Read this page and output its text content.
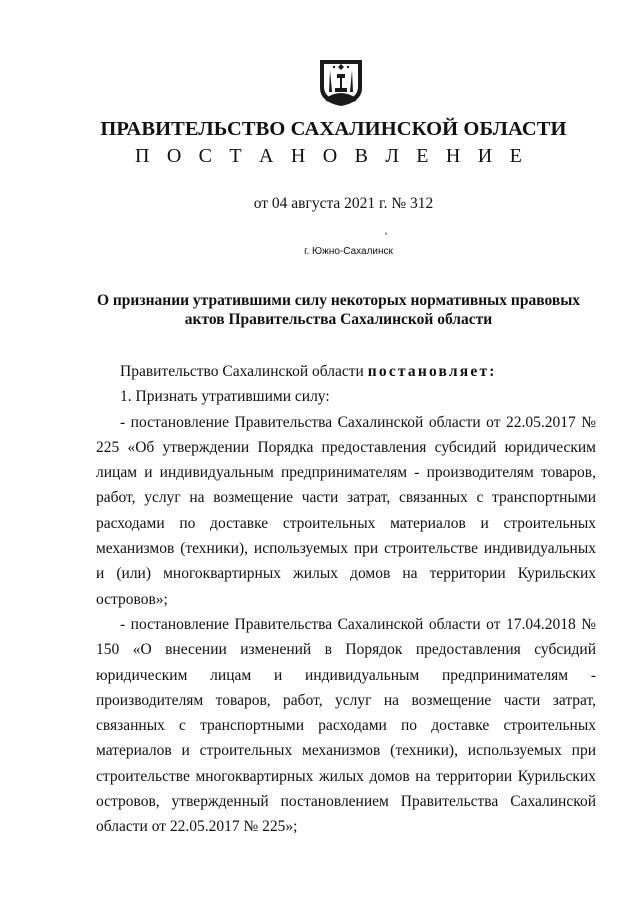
ПРАВИТЕЛЬСТВО САХАЛИНСКОЙ ОБЛАСТИ
П О С Т А Н О В Л Е Н И Е
от 04 августа 2021 г. № 312
ₑ
г. Южно-Сахалинск
О признании утратившими силу некоторых нормативных правовых
актов Правительства Сахалинской области

Правительство Сахалинской области постановляет:

1. Признать утратившими силу:

- постановление Правительства Сахалинской области от 22.05.2017 № 225 «Об утверждении Порядка предоставления субсидий юридическим лицам и индивидуальным предпринимателям - производителям товаров, работ, услуг на возмещение части затрат, связанных с транспортными расходами по доставке строительных материалов и строительных механизмов (техники), используемых при строительстве индивидуальных и (или) многоквартирных жилых домов на территории Курильских островов»;

- постановление Правительства Сахалинской области от 17.04.2018 № 150 «О внесении изменений в Порядок предоставления субсидий юридическим лицам и индивидуальным предпринимателям - производителям товаров, работ, услуг на возмещение части затрат, связанных с транспортными расходами по доставке строительных материалов и строительных механизмов (техники), используемых при строительстве многоквартирных жилых домов на территории Курильских островов, утвержденный постановлением Правительства Сахалинской области от 22.05.2017 № 225»;
